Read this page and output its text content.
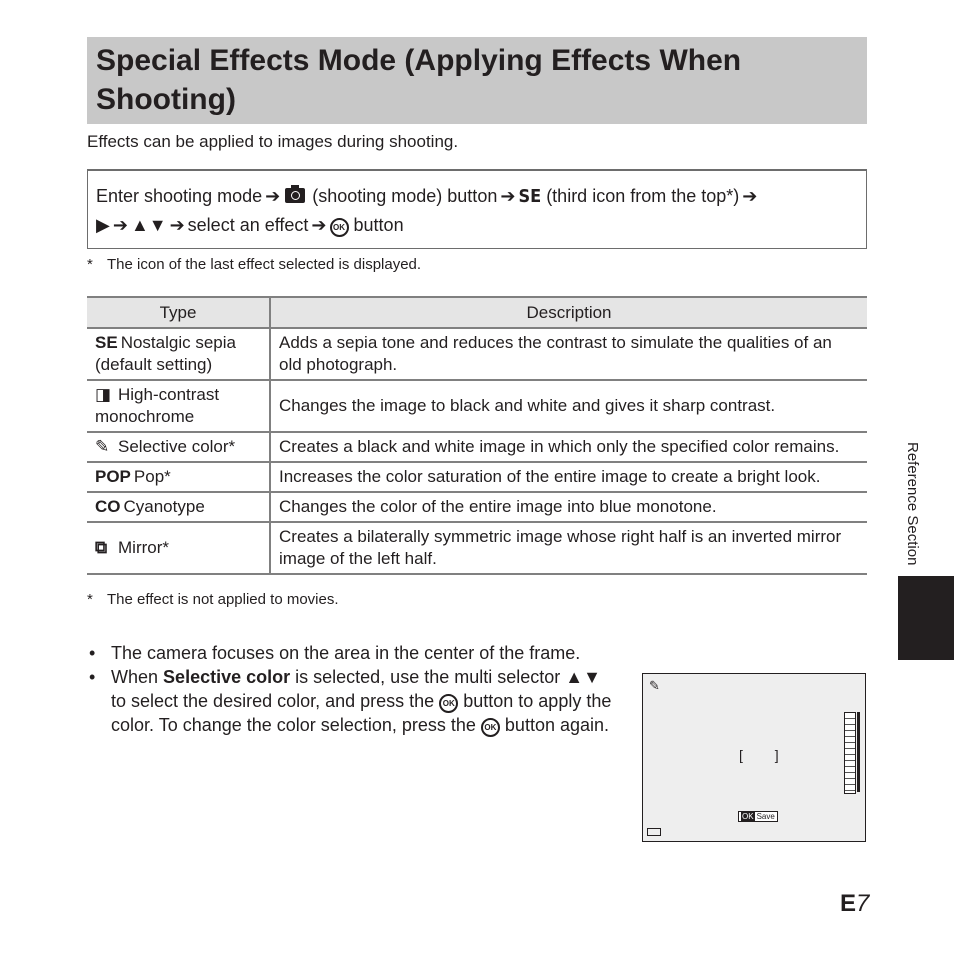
Special Effects Mode (Applying Effects When Shooting)
Effects can be applied to images during shooting.
Enter shooting mode ➔ (shooting mode) button ➔ SE (third icon from the top*) ➔
▶ ➔ ▲▼ ➔ select an effect ➔ OK button
* The icon of the last effect selected is displayed.
Type	Description
SE Nostalgic sepia (default setting)	Adds a sepia tone and reduces the contrast to simulate the qualities of an old photograph.
◨ High-contrast monochrome	Changes the image to black and white and gives it sharp contrast.
✎ Selective color*	Creates a black and white image in which only the specified color remains.
POP Pop*	Increases the color saturation of the entire image to create a bright look.
CO Cyanotype	Changes the color of the entire image into blue monotone.
⧉ Mirror*	Creates a bilaterally symmetric image whose right half is an inverted mirror image of the left half.
* The effect is not applied to movies.
• The camera focuses on the area in the center of the frame.
• When Selective color is selected, use the multi selector ▲▼ to select the desired color, and press the OK button to apply the color. To change the color selection, press the OK button again.
✎
[ ]
OK Save
Reference Section
E7
